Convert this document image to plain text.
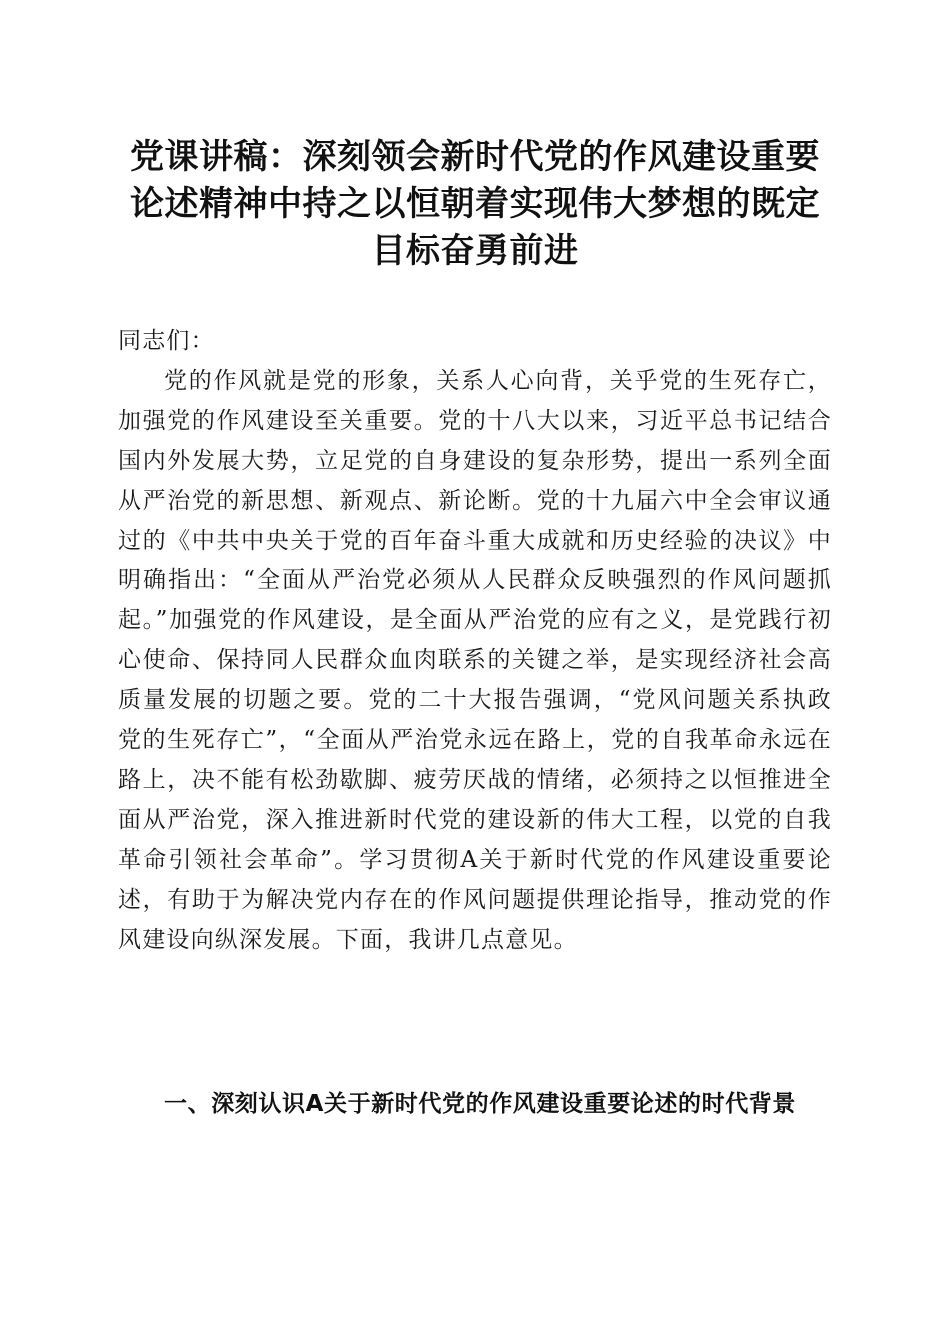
党课讲稿：深刻领会新时代党的作风建设重要
论述精神中持之以恒朝着实现伟大梦想的既定
目标奋勇前进

同志们：

党的作风就是党的形象，关系人心向背，关乎党的生死存亡，加强党的作风建设至关重要。党的十八大以来，习近平总书记结合国内外发展大势，立足党的自身建设的复杂形势，提出一系列全面从严治党的新思想、新观点、新论断。党的十九届六中全会审议通过的《中共中央关于党的百年奋斗重大成就和历史经验的决议》中明确指出：“全面从严治党必须从人民群众反映强烈的作风问题抓起。”加强党的作风建设，是全面从严治党的应有之义，是党践行初心使命、保持同人民群众血肉联系的关键之举，是实现经济社会高质量发展的切题之要。党的二十大报告强调，“党风问题关系执政党的生死存亡”，“全面从严治党永远在路上，党的自我革命永远在路上，决不能有松劲歇脚、疲劳厌战的情绪，必须持之以恒推进全面从严治党，深入推进新时代党的建设新的伟大工程，以党的自我革命引领社会革命”。学习贯彻A关于新时代党的作风建设重要论述，有助于为解决党内存在的作风问题提供理论指导，推动党的作风建设向纵深发展。下面，我讲几点意见。

一、深刻认识A关于新时代党的作风建设重要论述的时代背景
